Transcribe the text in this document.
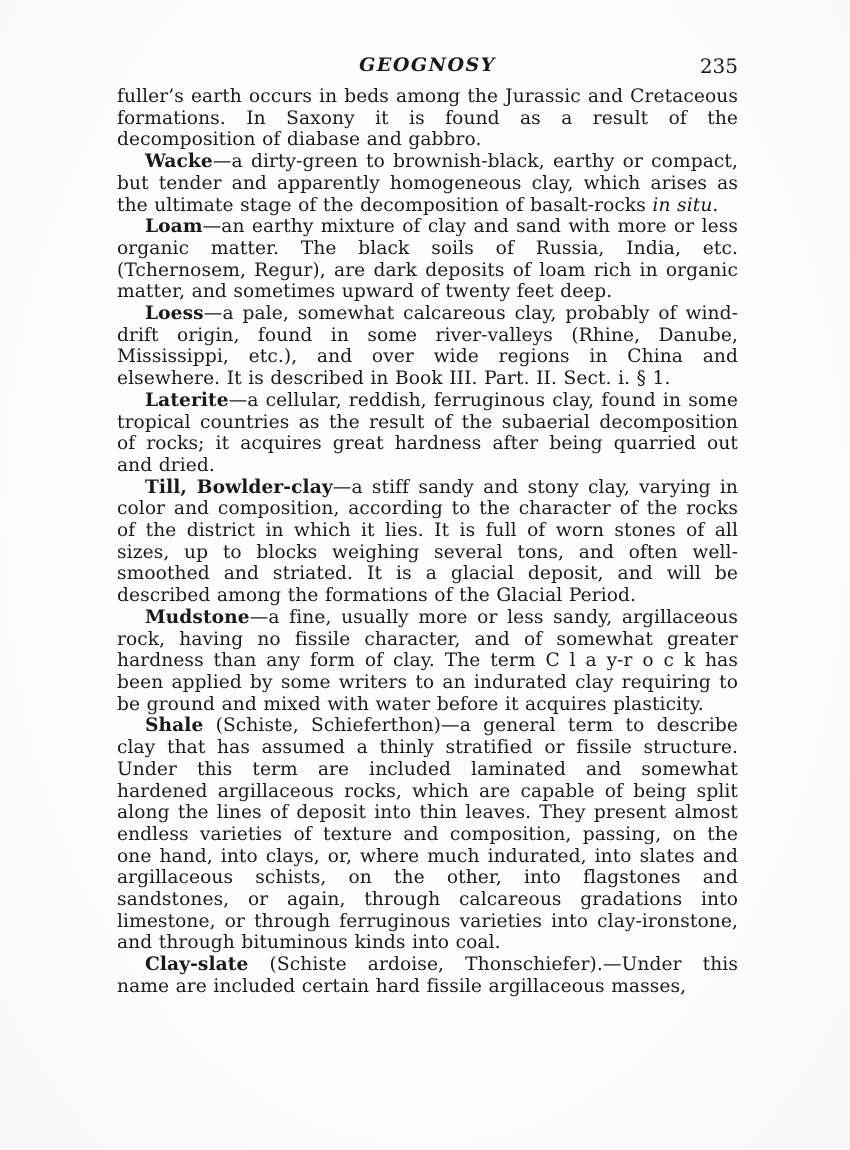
GEOGNOSY	235

fuller’s earth occurs in beds among the Jurassic and Cretaceous formations. In Saxony it is found as a result of the decomposition of diabase and gabbro.

Wacke—a dirty-green to brownish-black, earthy or compact, but tender and apparently homogeneous clay, which arises as the ultimate stage of the decomposition of basalt-rocks in situ.

Loam—an earthy mixture of clay and sand with more or less organic matter. The black soils of Russia, India, etc. (Tchernosem, Regur), are dark deposits of loam rich in organic matter, and sometimes upward of twenty feet deep.

Loess—a pale, somewhat calcareous clay, probably of wind-drift origin, found in some river-valleys (Rhine, Danube, Mississippi, etc.), and over wide regions in China and elsewhere. It is described in Book III. Part. II. Sect. i. § 1.

Laterite—a cellular, reddish, ferruginous clay, found in some tropical countries as the result of the subaerial decomposition of rocks; it acquires great hardness after being quarried out and dried.

Till, Bowlder-clay—a stiff sandy and stony clay, varying in color and composition, according to the character of the rocks of the district in which it lies. It is full of worn stones of all sizes, up to blocks weighing several tons, and often well-smoothed and striated. It is a glacial deposit, and will be described among the formations of the Glacial Period.

Mudstone—a fine, usually more or less sandy, argillaceous rock, having no fissile character, and of somewhat greater hardness than any form of clay. The term C l a y-r o c k has been applied by some writers to an indurated clay requiring to be ground and mixed with water before it acquires plasticity.

Shale (Schiste, Schieferthon)—a general term to describe clay that has assumed a thinly stratified or fissile structure. Under this term are included laminated and somewhat hardened argillaceous rocks, which are capable of being split along the lines of deposit into thin leaves. They present almost endless varieties of texture and composition, passing, on the one hand, into clays, or, where much indurated, into slates and argillaceous schists, on the other, into flagstones and sandstones, or again, through calcareous gradations into limestone, or through ferruginous varieties into clay-ironstone, and through bituminous kinds into coal.

Clay-slate (Schiste ardoise, Thonschiefer).—Under this name are included certain hard fissile argillaceous masses,
